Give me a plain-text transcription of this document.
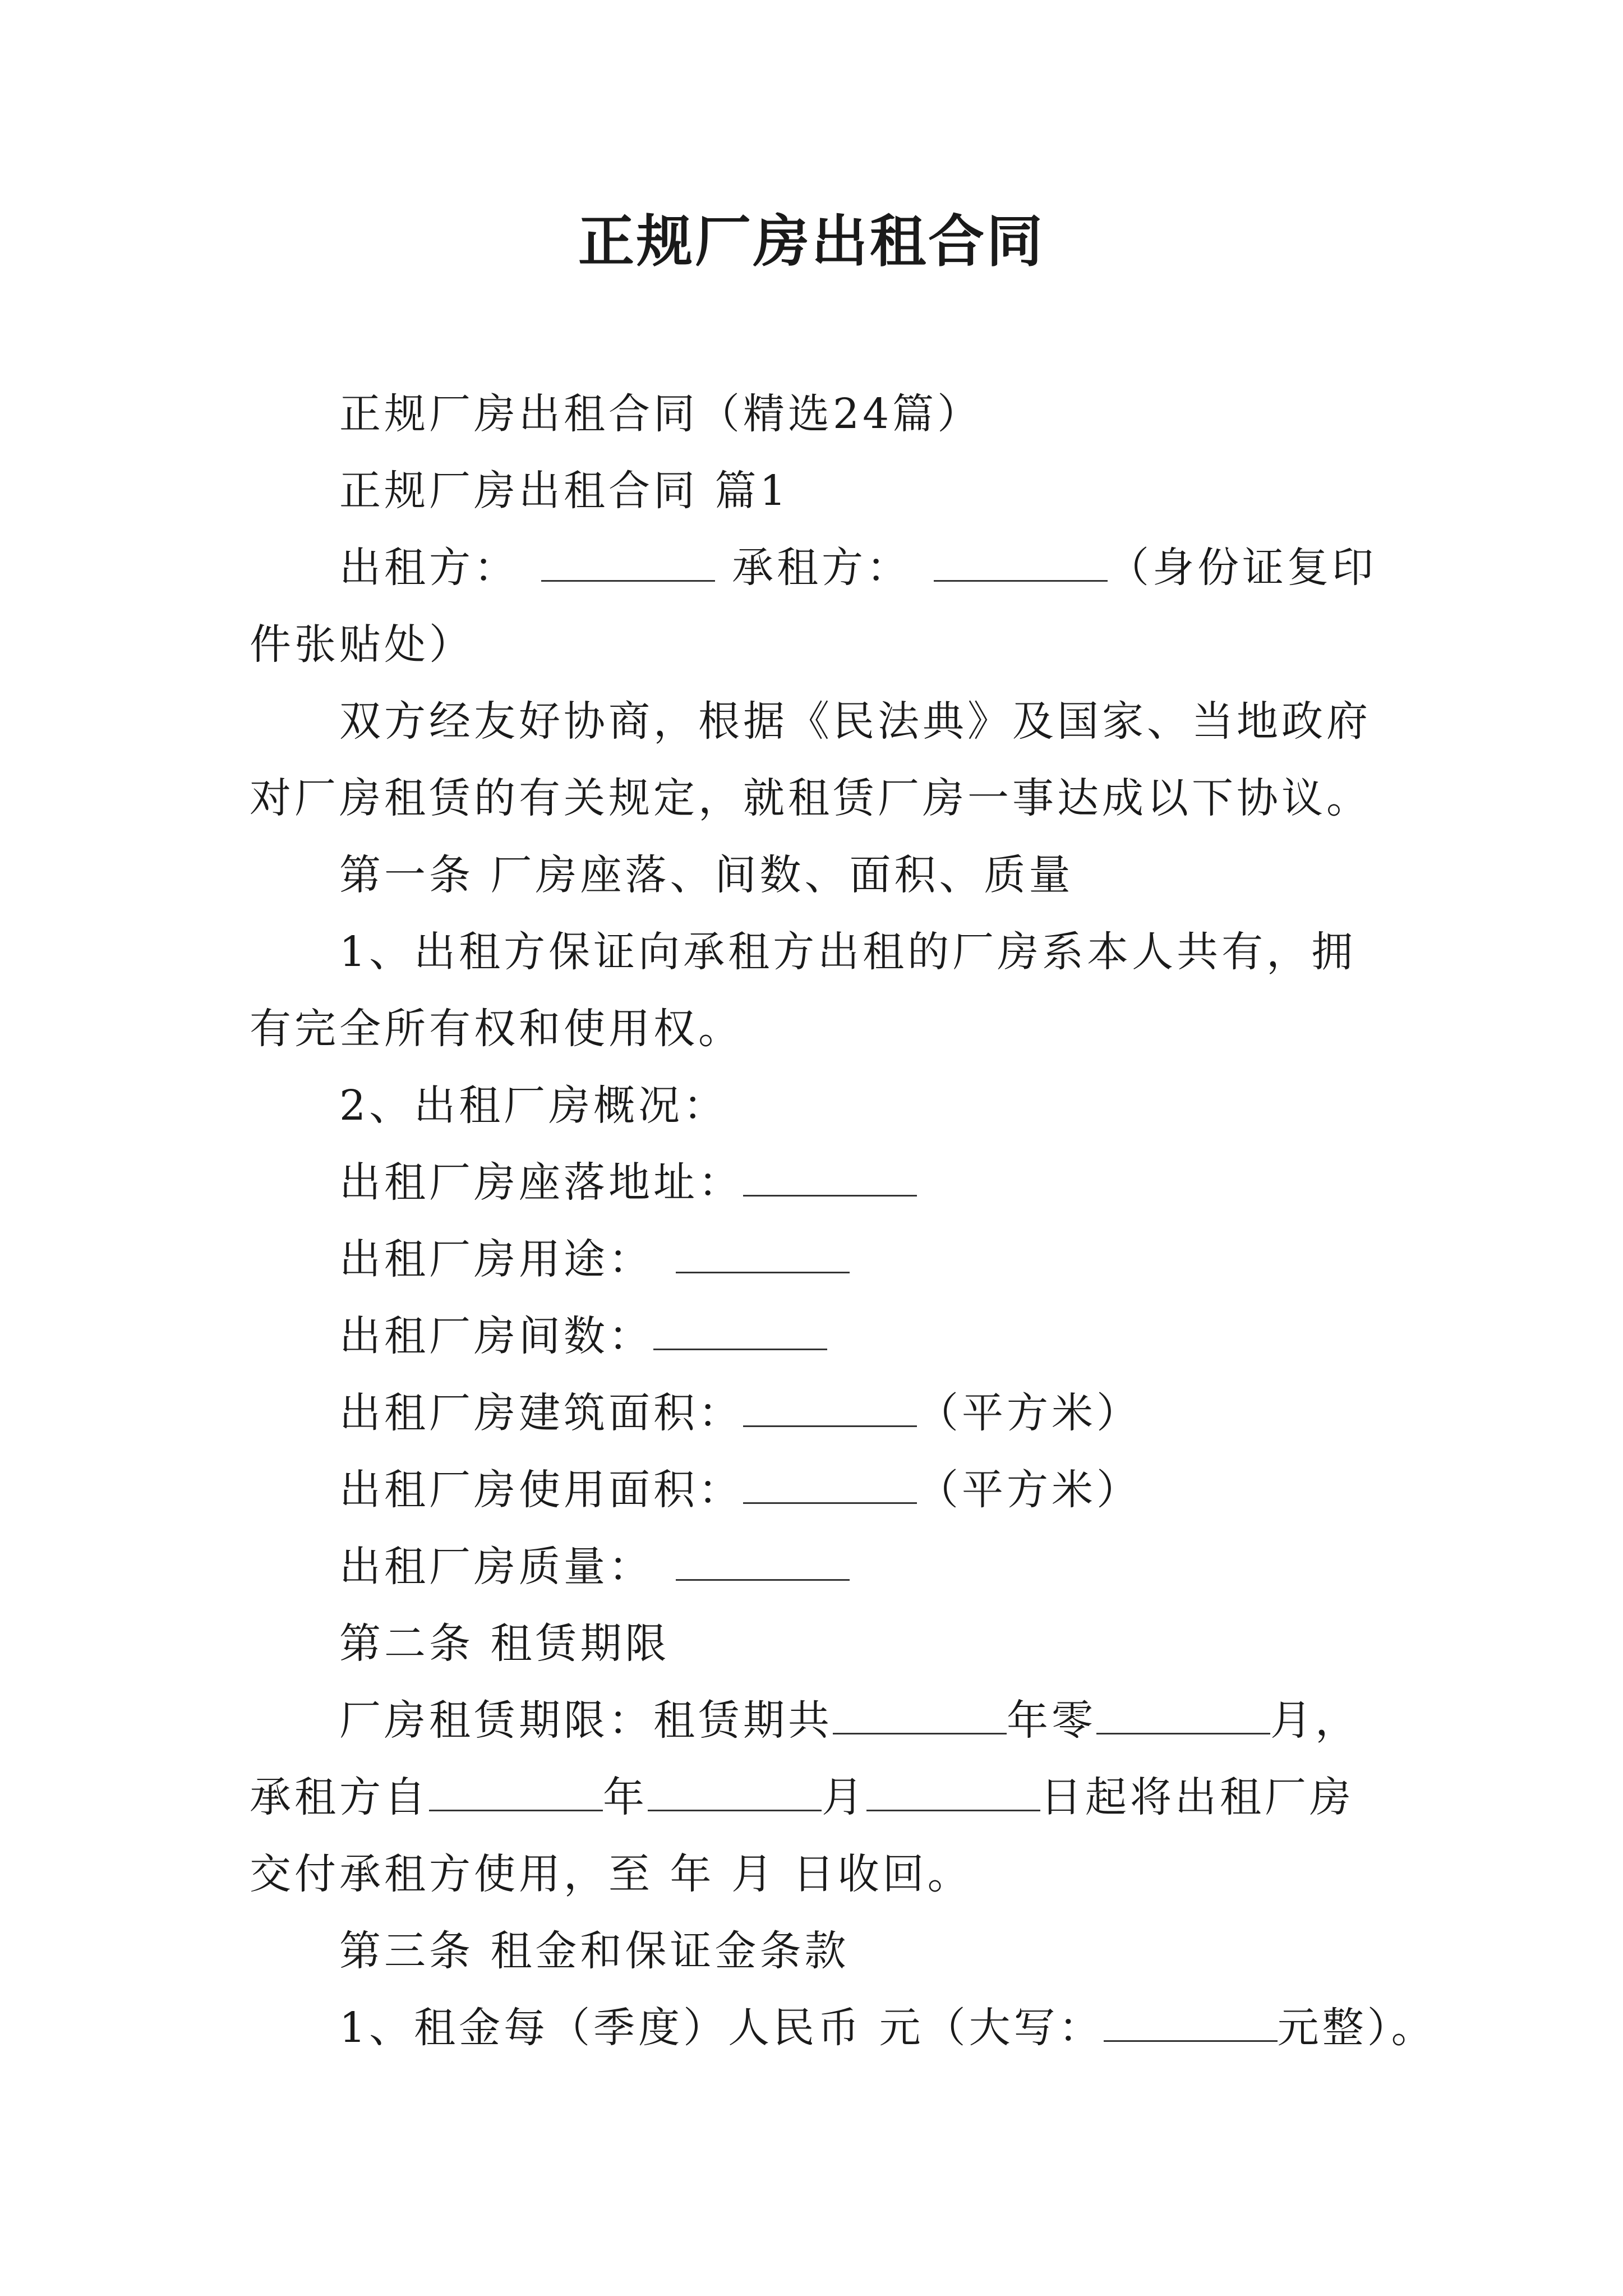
正规厂房出租合同

正规厂房出租合同（精选24篇）

正规厂房出租合同 篇1

出租方：	承租方：	（身份证复印件张贴处）

双方经友好协商，根据《民法典》及国家、当地政府对厂房租赁的有关规定，就租赁厂房一事达成以下协议。

第一条 厂房座落、间数、面积、质量

1、出租方保证向承租方出租的厂房系本人共有，拥有完全所有权和使用权。

2、出租厂房概况：

出租厂房座落地址：

出租厂房用途：

出租厂房间数：

出租厂房建筑面积：	（平方米）

出租厂房使用面积：	（平方米）

出租厂房质量：

第二条 租赁期限

厂房租赁期限：租赁期共	年零	月，承租方自	年	月	日起将出租厂房交付承租方使用，至 年 月 日收回。

第三条 租金和保证金条款

1、租金每（季度）人民币 元（大写：	元整）。
